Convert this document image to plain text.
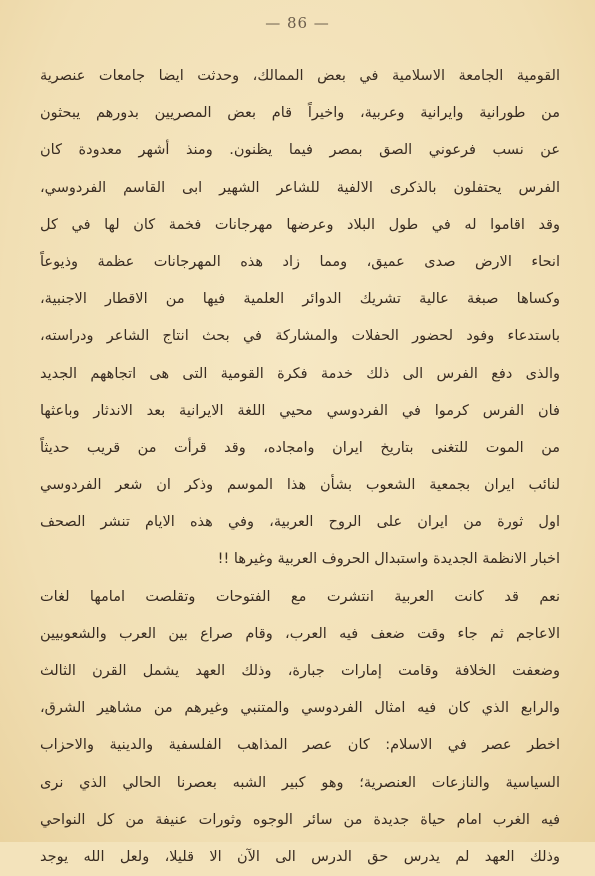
— 86 —
القومية الجامعة الاسلامية في بعض الممالك، وحدثت ايضا جامعات عنصرية
من طورانية وايرانية وعربية، واخيراً قام بعض المصريين بدورهم يبحثون
عن نسب فرعوني الصق بمصر فيما يظنون. ومنذ أشهر معدودة كان
الفرس يحتفلون بالذكرى الالفية للشاعر الشهير ابى القاسم الفردوسي،
وقد اقاموا له في طول البلاد وعرضها مهرجانات فخمة كان لها في كل
انحاء الارض صدى عميق، ومما زاد هذه المهرجانات عظمة وذيوعاً
وكساها صبغة عالية تشريك الدوائر العلمية فيها من الاقطار الاجنبية،
باستدعاء وفود لحضور الحفلات والمشاركة في بحث انتاج الشاعر ودراسته،
والذى دفع الفرس الى ذلك خدمة فكرة القومية التى هى اتجاههم الجديد
فان الفرس كرموا في الفردوسي محيي اللغة الايرانية بعد الاندثار وباعثها
من الموت للتغنى بتاريخ ايران وامجاده، وقد قرأت من قريب حديثاً
لنائب ايران بجمعية الشعوب بشأن هذا الموسم وذكر ان شعر الفردوسي
اول ثورة من ايران على الروح العربية، وفي هذه الايام تنشر الصحف
اخبار الانظمة الجديدة واستبدال الحروف العربية وغيرها !!
نعم قد كانت العربية انتشرت مع الفتوحات وتقلصت امامها لغات
الاعاجم ثم جاء وقت ضعف فيه العرب، وقام صراع بين العرب والشعوبيين
وضعفت الخلافة وقامت إمارات جبارة، وذلك العهد يشمل القرن الثالث
والرابع الذي كان فيه امثال الفردوسي والمتنبي وغيرهم من مشاهير الشرق،
اخطر عصر في الاسلام: كان عصر المذاهب الفلسفية والدينية والاحزاب
السياسية والنازعات العنصرية؛ وهو كبير الشبه بعصرنا الحالي الذي نرى
فيه الغرب امام حياة جديدة من سائر الوجوه وثورات عنيفة من كل النواحي
وذلك العهد لم يدرس حق الدرس الى الآن الا قليلا، ولعل الله يوجد
